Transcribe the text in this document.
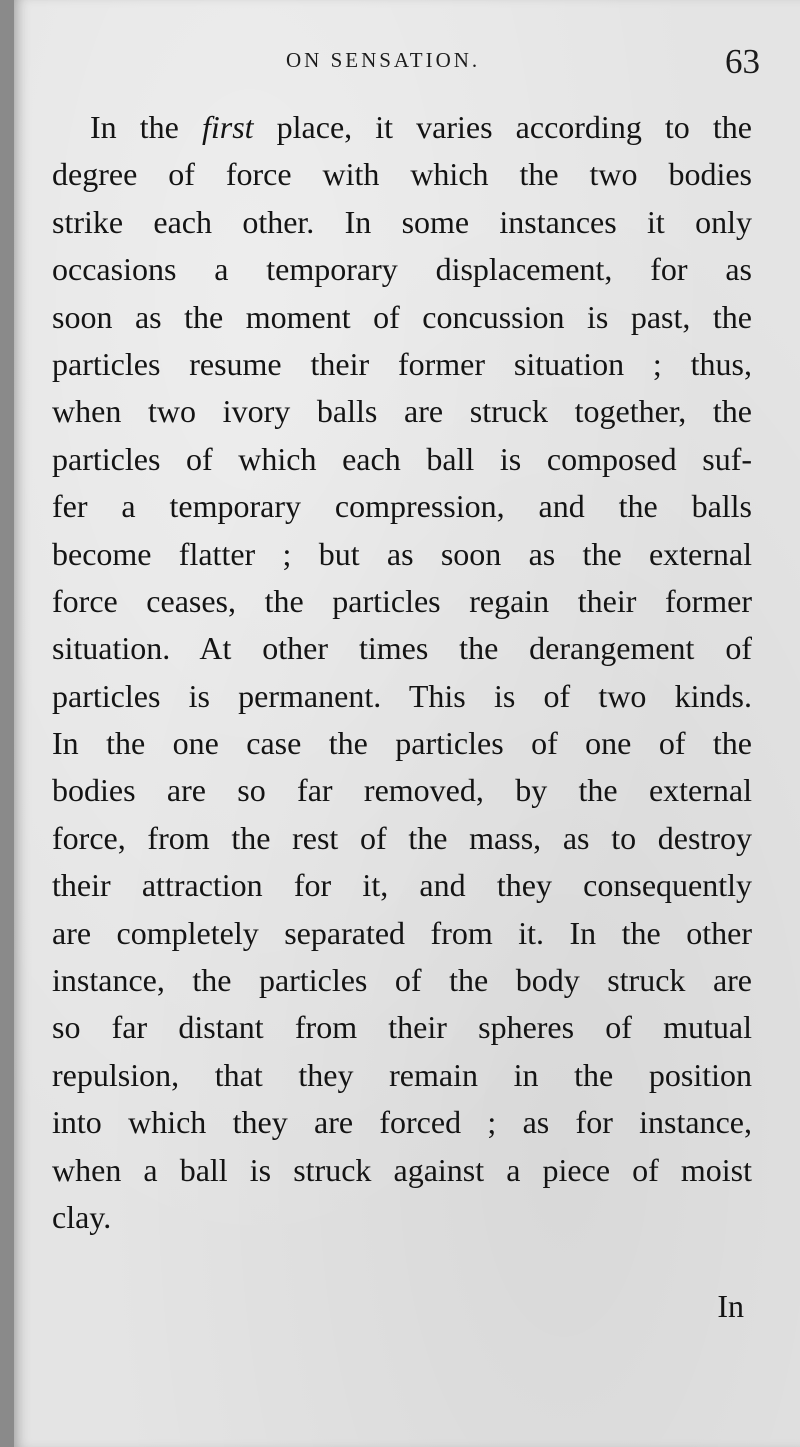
ON SENSATION.	63
In the first place, it varies according to the
degree of force with which the two bodies
strike each other. In some instances it only
occasions a temporary displacement, for as
soon as the moment of concussion is past, the
particles resume their former situation ; thus,
when two ivory balls are struck together, the
particles of which each ball is composed suf-
fer a temporary compression, and the balls
become flatter ; but as soon as the external
force ceases, the particles regain their former
situation. At other times the derangement of
particles is permanent. This is of two kinds.
In the one case the particles of one of the
bodies are so far removed, by the external
force, from the rest of the mass, as to destroy
their attraction for it, and they consequently
are completely separated from it. In the other
instance, the particles of the body struck are
so far distant from their spheres of mutual
repulsion, that they remain in the position
into which they are forced ; as for instance,
when a ball is struck against a piece of moist
clay.
In
